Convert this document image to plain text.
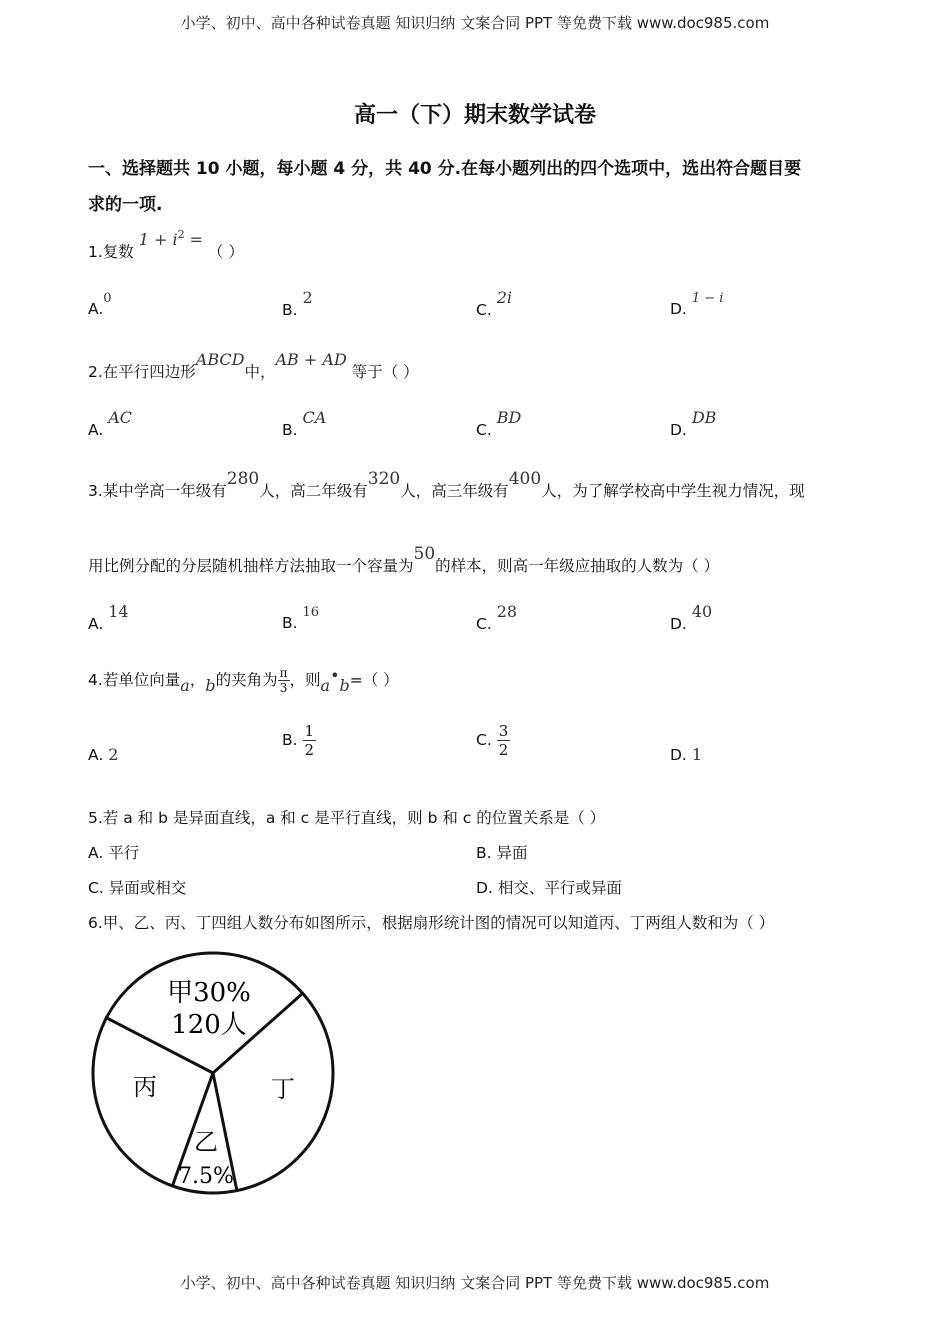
小学、初中、高中各种试卷真题 知识归纳 文案合同 PPT 等免费下载 www.doc985.com
小学、初中、高中各种试卷真题 知识归纳 文案合同 PPT 等免费下载 www.doc985.com
高一（下）期末数学试卷
一、选择题共 10 小题，每小题 4 分，共 40 分.在每小题列出的四个选项中，选出符合题目要
求的一项.
1.复数 $1 + i^2$ = （ ）
A.$^0$
B. 2
C. 2i
D. $^{1 - i}$
2.在平行四边形ABCD中，AB + AD 等于（ ）
A. AC
B. CA
C. BD
D. DB
3.某中学高一年级有280人，高二年级有320人，高三年级有400人，为了解学校高中学生视力情况，现
用比例分配的分层随机抽样方法抽取一个容量为50的样本，则高一年级应抽取的人数为（ ）
A. 14
B. $^{16}$
C. 28
D. 40
4.若单位向量a，b的夹角为 $\frac{\pi}{3}$ ，则a•b=（ ）
A. 2
B. $\frac{1}{2}$	C. $\frac{3}{2}$	D. 1
5.若 a 和 b 是异面直线，a 和 c 是平行直线，则 b 和 c 的位置关系是（ ）
A. 平行	B. 异面
C. 异面或相交	D. 相交、平行或异面
6.甲、乙、丙、丁四组人数分布如图所示，根据扇形统计图的情况可以知道丙、丁两组人数和为（ ）
甲30%
120人
丁
乙
7.5%
丙
